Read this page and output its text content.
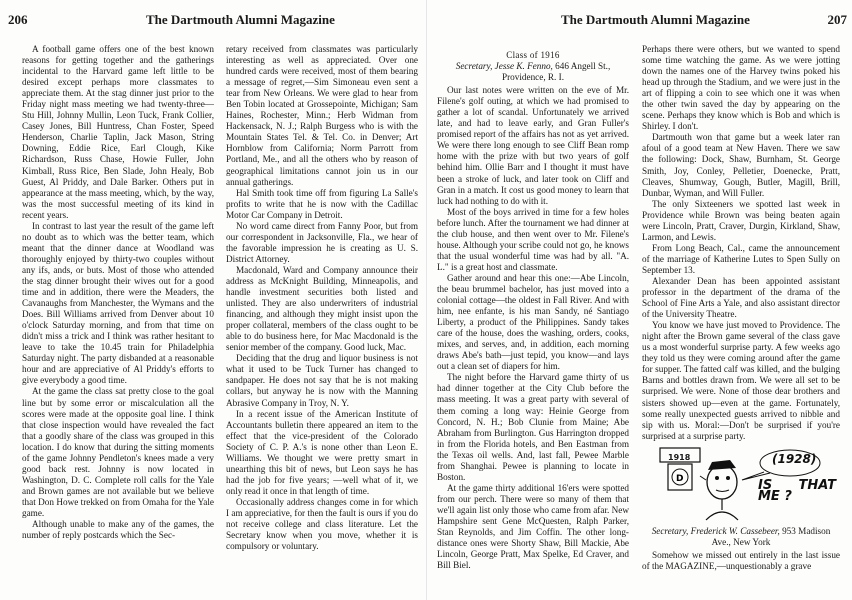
206	The Dartmouth Alumni Magazine

A football game offers one of the best known reasons for getting together and the gatherings incidental to the Harvard game left little to be desired except perhaps more classmates to appreciate them. At the stag dinner just prior to the Friday night mass meeting we had twenty-three—Stu Hill, Johnny Mullin, Leon Tuck, Frank Collier, Casey Jones, Bill Huntress, Chan Foster, Speed Henderson, Charlie Taplin, Jack Mason, String Downing, Eddie Rice, Earl Clough, Kike Richardson, Russ Chase, Howie Fuller, John Kimball, Russ Rice, Ben Slade, John Healy, Bob Guest, Al Priddy, and Dale Barker. Others put in appearance at the mass meeting, which, by the way, was the most successful meeting of its kind in recent years.

In contrast to last year the result of the game left no doubt as to which was the better team, which meant that the dinner dance at Woodland was thoroughly enjoyed by thirty-two couples without any ifs, ands, or buts. Most of those who attended the stag dinner brought their wives out for a good time and in addition, there were the Meaders, the Cavanaughs from Manchester, the Wymans and the Does. Bill Williams arrived from Denver about 10 o'clock Saturday morning, and from that time on didn't miss a trick and I think was rather hesitant to leave to take the 10.45 train for Philadelphia Saturday night. The party disbanded at a reasonable hour and are appreciative of Al Priddy's efforts to give everybody a good time.

At the game the class sat pretty close to the goal line but by some error or miscalculation all the scores were made at the opposite goal line. I think that close inspection would have revealed the fact that a goodly share of the class was grouped in this location. I do know that during the sitting moments of the game Johnny Pendleton's knees made a very good back rest. Johnny is now located in Washington, D. C. Complete roll calls for the Yale and Brown games are not available but we believe that Don Howe trekked on from Omaha for the Yale game.

Although unable to make any of the games, the number of reply postcards which the Sec-

retary received from classmates was particularly interesting as well as appreciated. Over one hundred cards were received, most of them bearing a message of regret,—Sim Simoneau even sent a tear from New Orleans. We were glad to hear from Ben Tobin located at Grossepointe, Michigan; Sam Haines, Rochester, Minn.; Herb Widman from Hackensack, N. J.; Ralph Burgess who is with the Mountain States Tel. & Tel. Co. in Denver; Art Hornblow from California; Norm Parrott from Portland, Me., and all the others who by reason of geographical limitations cannot join us in our annual gatherings.

Hal Smith took time off from figuring La Salle's profits to write that he is now with the Cadillac Motor Car Company in Detroit.

No word came direct from Fanny Poor, but from our correspondent in Jacksonville, Fla., we hear of the favorable impression he is creating as U. S. District Attorney.

Macdonald, Ward and Company announce their address as McKnight Building, Minneapolis, and handle investment securities both listed and unlisted. They are also underwriters of industrial financing, and although they might insist upon the proper collateral, members of the class ought to be able to do business here, for Mac Macdonald is the senior member of the company. Good luck, Mac.

Deciding that the drug and liquor business is not what it used to be Tuck Turner has changed to sandpaper. He does not say that he is not making collars, but anyway he is now with the Manning Abrasive Company in Troy, N. Y.

In a recent issue of the American Institute of Accountants bulletin there appeared an item to the effect that the vice-president of the Colorado Society of C. P. A.'s is none other than Leon E. Williams. We thought we were pretty smart in unearthing this bit of news, but Leon says he has had the job for five years; —well what of it, we only read it once in that length of time.

Occasionally address changes come in for which I am appreciative, for then the fault is ours if you do not receive college and class literature. Let the Secretary know when you move, whether it is compulsory or voluntary.

The Dartmouth Alumni Magazine	207
Class of 1916
Secretary, Jesse K. Fenno, 646 Angell St., Providence, R. I.

Our last notes were written on the eve of Mr. Filene's golf outing, at which we had promised to gather a lot of scandal. Unfortunately we arrived late, and had to leave early, and Gran Fuller's promised report of the affairs has not as yet arrived. We were there long enough to see Cliff Bean romp home with the prize with but two years of golf behind him. Ollie Barr and I thought it must have been a stroke of luck, and later took on Cliff and Gran in a match. It cost us good money to learn that luck had nothing to do with it.

Most of the boys arrived in time for a few holes before lunch. After the tournament we had dinner at the club house, and then went over to Mr. Filene's house. Although your scribe could not go, he knows that the usual wonderful time was had by all. "A. L." is a great host and classmate.

Gather around and hear this one:—Abe Lincoln, the beau brummel bachelor, has just moved into a colonial cottage—the oldest in Fall River. And with him, nee enfante, is his man Sandy, né Santiago Liberty, a product of the Philippines. Sandy takes care of the house, does the washing, orders, cooks, mixes, and serves, and, in addition, each morning draws Abe's bath—just tepid, you know—and lays out a clean set of diapers for him.

The night before the Harvard game thirty of us had dinner together at the City Club before the mass meeting. It was a great party with several of them coming a long way: Heinie George from Concord, N. H.; Bob Clunie from Maine; Abe Abraham from Burlington. Gus Harrington dropped in from the Florida hotels, and Ben Eastman from the Texas oil wells. And, last fall, Pewee Marble from Shanghai. Pewee is planning to locate in Boston.

At the game thirty additional 16'ers were spotted from our perch. There were so many of them that we'll again list only those who came from afar. New Hampshire sent Gene McQuesten, Ralph Parker, Stan Reynolds, and Jim Coffin. The other long-distance ones were Shorty Shaw, Bill Mackie, Abe Lincoln, George Pratt, Max Spelke, Ed Craver, and Bill Biel.

Perhaps there were others, but we wanted to spend some time watching the game. As we were jotting down the names one of the Harvey twins poked his head up through the Stadium, and we were just in the art of flipping a coin to see which one it was when the other twin saved the day by appearing on the scene. Perhaps they know which is Bob and which is Shirley. I don't.

Dartmouth won that game but a week later ran afoul of a good team at New Haven. There we saw the following: Dock, Shaw, Burnham, St. George Smith, Joy, Conley, Pelletier, Doenecke, Pratt, Cleaves, Shumway, Gough, Butler, Magill, Brill, Dunbar, Wyman, and Will Fuller.

The only Sixteeners we spotted last week in Providence while Brown was being beaten again were Lincoln, Pratt, Craver, Durgin, Kirkland, Shaw, Larmon, and Lewis.

From Long Beach, Cal., came the announcement of the marriage of Katherine Lutes to Spen Sully on September 13.

Alexander Dean has been appointed assistant professor in the department of the drama of the School of Fine Arts a Yale, and also assistant director of the University Theatre.

You know we have just moved to Providence. The night after the Brown game several of the class gave us a most wonderful surprise party. A few weeks ago they told us they were coming around after the game for supper. The fatted calf was killed, and the bulging Barns and bottles drawn from. We were all set to be surprised. We were. None of those dear brothers and sisters showed up—even at the game. Fortunately, some really unexpected guests arrived to nibble and sip with us. Moral:—Don't be surprised if you're surprised at a surprise party.

D
1918	(1928)
IS THAT ME ?
Secretary, Frederick W. Cassebeer, 953 Madison Ave., New York

Somehow we missed out entirely in the last issue of the MAGAZINE,—unquestionably a grave
